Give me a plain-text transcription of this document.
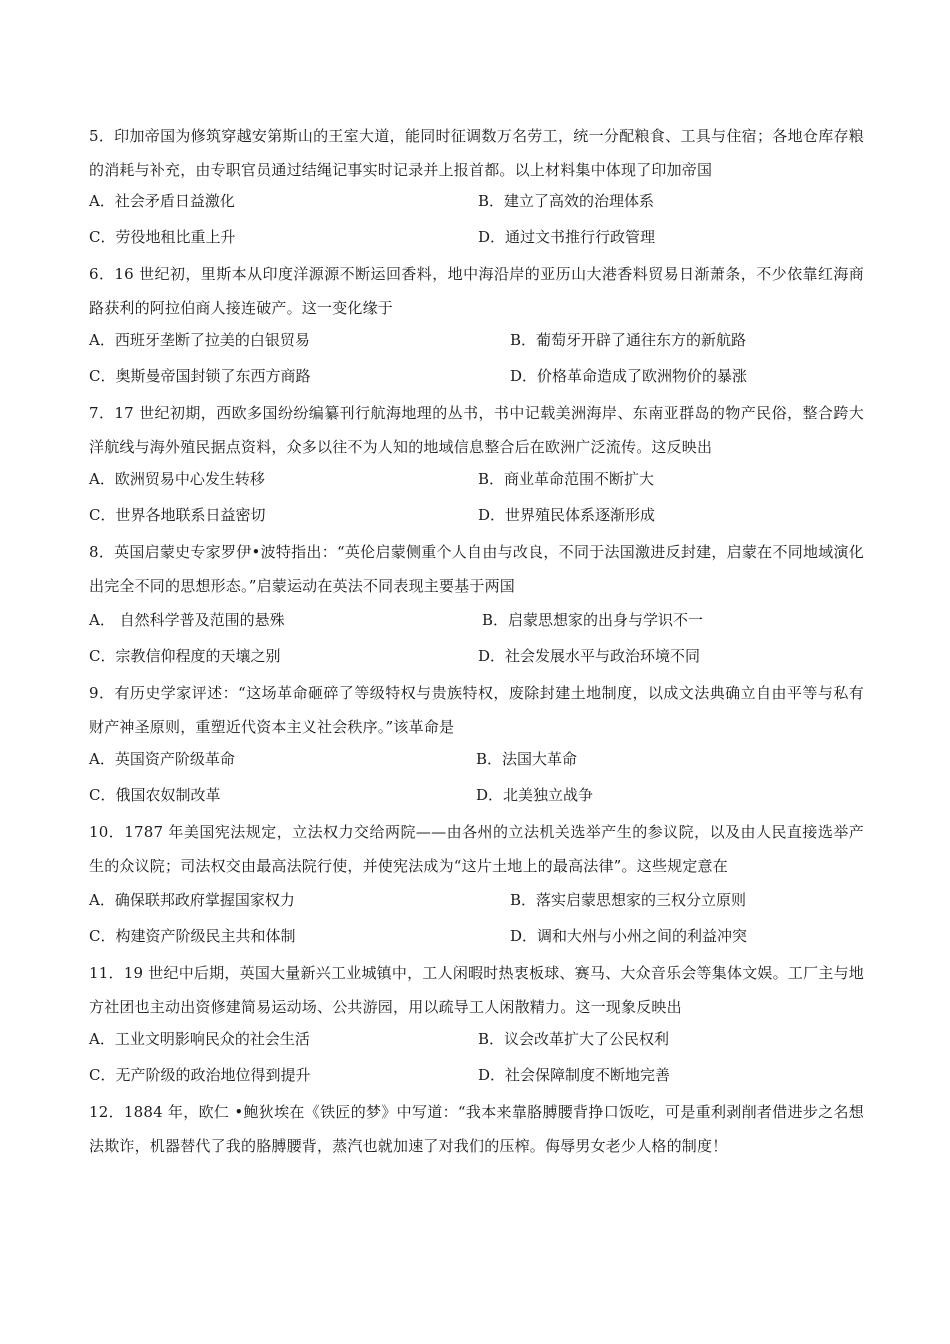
5．印加帝国为修筑穿越安第斯山的王室大道，能同时征调数万名劳工，统一分配粮食、工具与住宿；各地仓库存粮的消耗与补充，由专职官员通过结绳记事实时记录并上报首都。以上材料集中体现了印加帝国
A．社会矛盾日益激化	B．建立了高效的治理体系
C．劳役地租比重上升	D．通过文书推行行政管理
6．16 世纪初，里斯本从印度洋源源不断运回香料，地中海沿岸的亚历山大港香料贸易日渐萧条，不少依靠红海商路获利的阿拉伯商人接连破产。这一变化缘于
A．西班牙垄断了拉美的白银贸易	B．葡萄牙开辟了通往东方的新航路
C．奥斯曼帝国封锁了东西方商路	D．价格革命造成了欧洲物价的暴涨
7．17 世纪初期，西欧多国纷纷编纂刊行航海地理的丛书，书中记载美洲海岸、东南亚群岛的物产民俗，整合跨大洋航线与海外殖民据点资料，众多以往不为人知的地域信息整合后在欧洲广泛流传。这反映出
A．欧洲贸易中心发生转移	B．商业革命范围不断扩大
C．世界各地联系日益密切	D．世界殖民体系逐渐形成
8．英国启蒙史专家罗伊•波特指出：“英伦启蒙侧重个人自由与改良，不同于法国激进反封建，启蒙在不同地域演化出完全不同的思想形态。”启蒙运动在英法不同表现主要基于两国
A． 自然科学普及范围的悬殊	B．启蒙思想家的出身与学识不一
C．宗教信仰程度的天壤之别	D．社会发展水平与政治环境不同
9．有历史学家评述：“这场革命砸碎了等级特权与贵族特权，废除封建土地制度，以成文法典确立自由平等与私有财产神圣原则，重塑近代资本主义社会秩序。”该革命是
A．英国资产阶级革命	B．法国大革命
C．俄国农奴制改革	D．北美独立战争
10．1787 年美国宪法规定，立法权力交给两院——由各州的立法机关选举产生的参议院，以及由人民直接选举产生的众议院；司法权交由最高法院行使，并使宪法成为“这片土地上的最高法律”。这些规定意在
A．确保联邦政府掌握国家权力	B．落实启蒙思想家的三权分立原则
C．构建资产阶级民主共和体制	D．调和大州与小州之间的利益冲突
11．19 世纪中后期，英国大量新兴工业城镇中，工人闲暇时热衷板球、赛马、大众音乐会等集体文娱。工厂主与地方社团也主动出资修建简易运动场、公共游园，用以疏导工人闲散精力。这一现象反映出
A．工业文明影响民众的社会生活	B．议会改革扩大了公民权利
C．无产阶级的政治地位得到提升	D．社会保障制度不断地完善
12．1884 年，欧仁 •鲍狄埃在《铁匠的梦》中写道：“我本来靠胳膊腰背挣口饭吃，可是重利剥削者借进步之名想法欺诈，机器替代了我的胳膊腰背，蒸汽也就加速了对我们的压榨。侮辱男女老少人格的制度！
